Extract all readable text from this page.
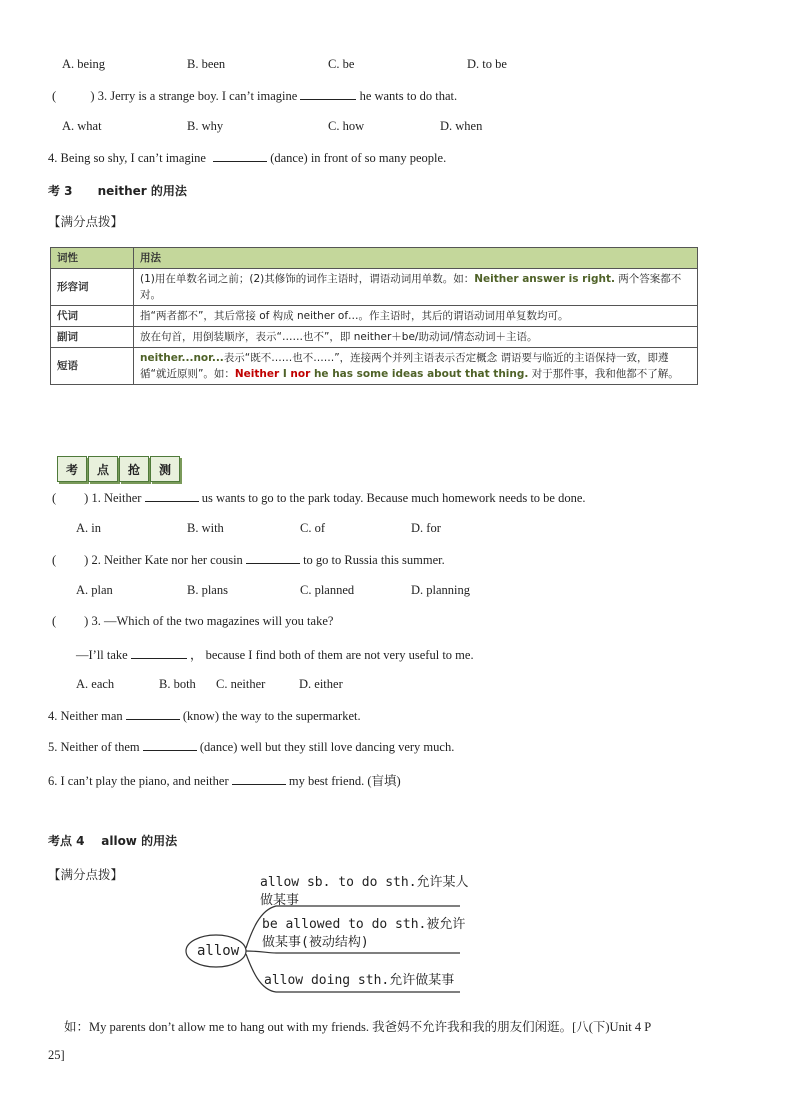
A. being	B. been	C. be	D. to be
(	) 3. Jerry is a strange boy. I can’t imagine	he wants to do that.
A. what	B. why	C. how	D. when
4. Being so shy, I can’t imagine	(dance) in front of so many people.
考 3      neither 的用法
【满分点拨】
词性	用法
形容词	(1)用在单数名词之前；(2)其修饰的词作主语时，谓语动词用单数。如：Neither answer is right. 两个答案都不对。
代词	指“两者都不”，其后常接 of 构成 neither of…。作主语时，其后的谓语动词用单复数均可。
副词	放在句首，用倒装顺序，表示“……也不”，即 neither＋be/助动词/情态动词＋主语。
短语	neither...nor...表示“既不……也不……”，连接两个并列主语表示否定概念 谓语要与临近的主语保持一致，即遵循“就近原则”。如：Neither I nor he has some ideas about that thing. 对于那件事，我和他都不了解。
考	点	抢	测
( ) 1. Neither	us wants to go to the park today. Because much homework needs to be done.
A. in	B. with	C. of	D. for
( ) 2. Neither Kate nor her cousin	to go to Russia this summer.
A. plan	B. plans	C. planned	D. planning
( ) 3. —Which of the two magazines will you take?
—I’ll take	， because I find both of them are not very useful to me.
A. each	B. both C. neither	D. either
4. Neither man	(know) the way to the supermarket.
5. Neither of them	(dance) well but they still love dancing very much.
6. I can’t play the piano, and neither	my best friend. (盲填)
考点 4    allow 的用法
【满分点拨】
allow
allow sb. to do sth.允许某人
做某事
be allowed to do sth.被允许
做某事(被动结构)
allow doing sth.允许做某事
如：My parents don’t allow me to hang out with my friends. 我爸妈不允许我和我的朋友们闲逛。[八(下)Unit 4 P
25]
